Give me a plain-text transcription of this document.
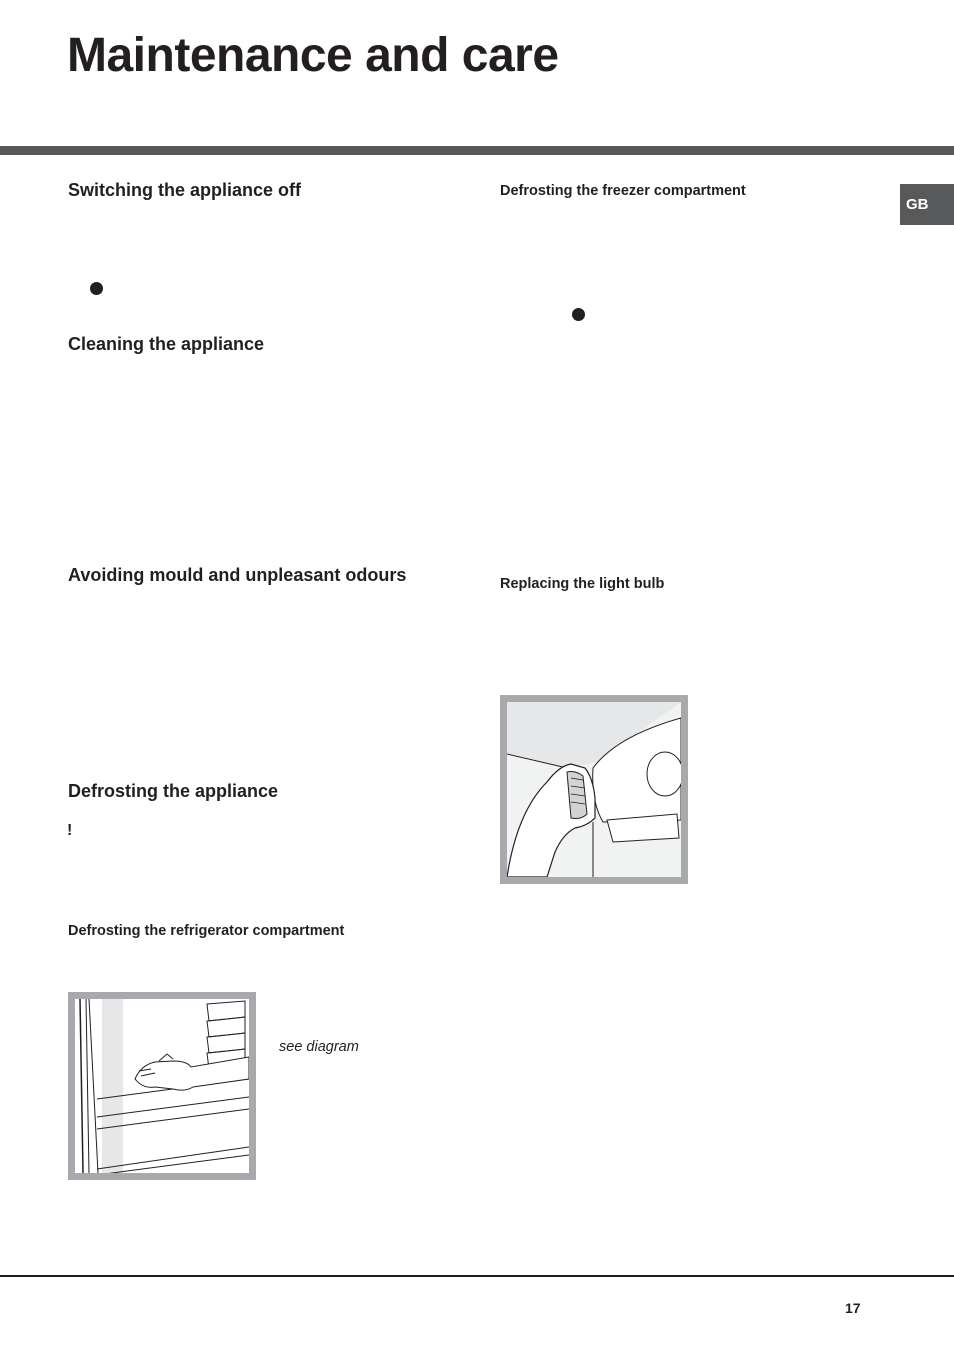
Maintenance and care
GB
Switching the appliance off
Cleaning the appliance
Avoiding mould and unpleasant odours
Defrosting the appliance
!
Defrosting the refrigerator compartment
see diagram
Defrosting the freezer compartment
Replacing the light bulb
17
